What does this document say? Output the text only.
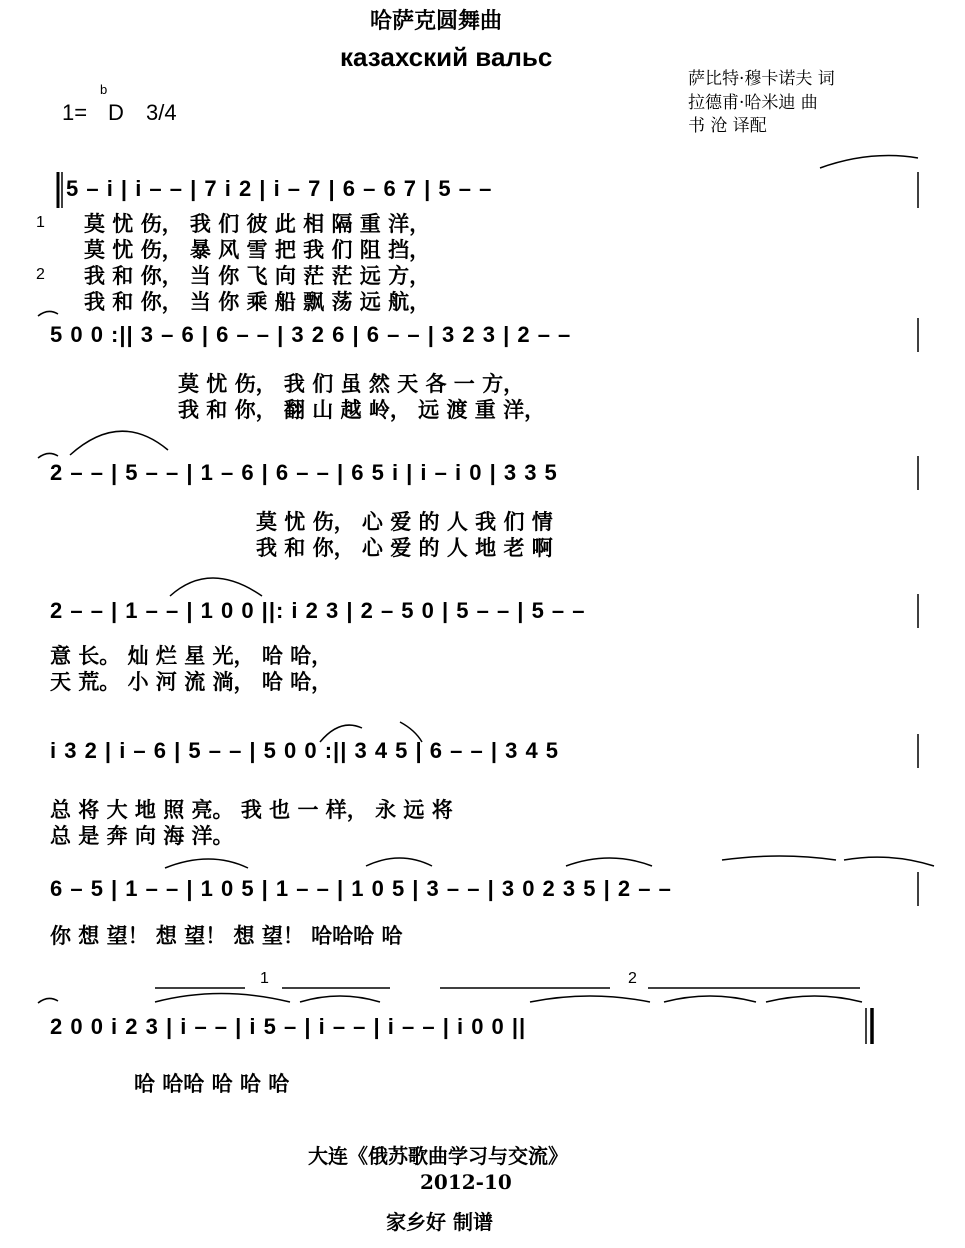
哈萨克圆舞曲
казахский вальс
b
1= D 3/4
萨比特·穆卡诺夫 词
拉德甫·哈米迪 曲
书 沧 译配
5 – i | i – – | 7 i 2 | i – 7 | 6 – 6 7 | 5 – –
1 莫 忧 伤， 我 们 彼 此 相 隔 重 洋，
莫 忧 伤， 暴 风 雪 把 我 们 阻 挡，
2 我 和 你， 当 你 飞 向 茫 茫 远 方，
我 和 你， 当 你 乘 船 飘 荡 远 航，
5 0 0 :|| 3 – 6 | 6 – – | 3 2 6 | 6 – – | 3 2 3 | 2 – –
莫 忧 伤， 我 们 虽 然 天 各 一 方，
我 和 你， 翻 山 越 岭， 远 渡 重 洋，
2 – – | 5 – – | 1 – 6 | 6 – – | 6 5 i | i – i 0 | 3 3 5
莫 忧 伤， 心 爱 的 人 我 们 情
我 和 你， 心 爱 的 人 地 老 啊
2 – – | 1 – – | 1 0 0 ||: i 2 3 | 2 – 5 0 | 5 – – | 5 – –
意 长。 灿 烂 星 光， 哈 哈，
天 荒。 小 河 流 淌， 哈 哈，
i 3 2 | i – 6 | 5 – – | 5 0 0 :|| 3 4 5 | 6 – – | 3 4 5
总 将 大 地 照 亮。 我 也 一 样， 永 远 将
总 是 奔 向 海 洋。
6 – 5 | 1 – – | 1 0 5 | 1 – – | 1 0 5 | 3 – – | 3 0 2 3 5 | 2 – –
你 想 望！ 想 望！ 想 望！ 哈哈哈 哈
1	2
2 0 0 i 2 3 | i – – | i 5 – | i – – | i – – | i 0 0 ||
哈 哈哈 哈 哈 哈
大连《俄苏歌曲学习与交流》
2012-10
家乡好 制谱
